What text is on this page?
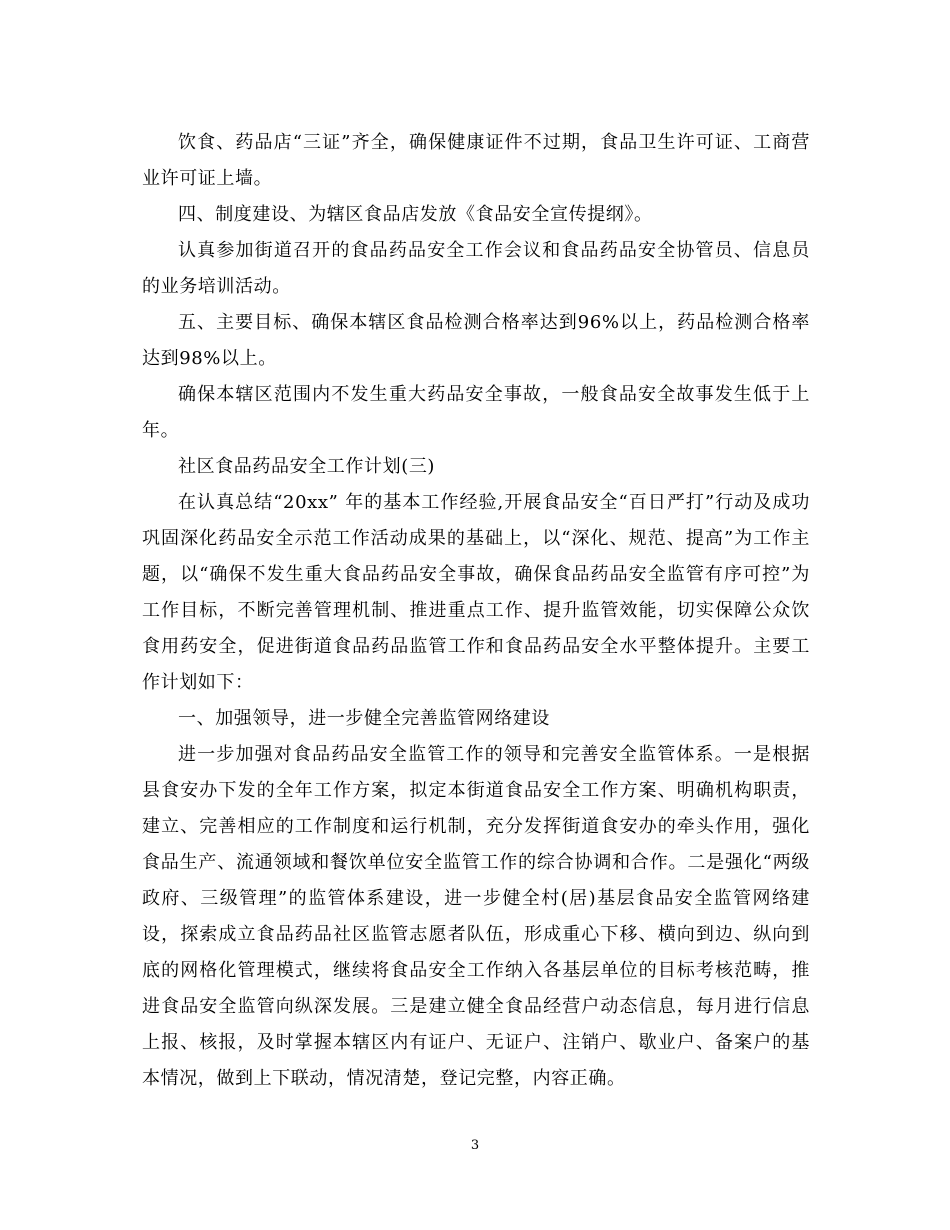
饮食、药品店“三证”齐全，确保健康证件不过期，食品卫生许可证、工商营业许可证上墙。

四、制度建设、为辖区食品店发放《食品安全宣传提纲》。

认真参加街道召开的食品药品安全工作会议和食品药品安全协管员、信息员的业务培训活动。

五、主要目标、确保本辖区食品检测合格率达到96%以上，药品检测合格率达到98%以上。

确保本辖区范围内不发生重大药品安全事故，一般食品安全故事发生低于上年。

社区食品药品安全工作计划(三)

在认真总结“20xx” 年的基本工作经验,开展食品安全“百日严打”行动及成功巩固深化药品安全示范工作活动成果的基础上，以“深化、规范、提高”为工作主题，以“确保不发生重大食品药品安全事故，确保食品药品安全监管有序可控”为工作目标，不断完善管理机制、推进重点工作、提升监管效能，切实保障公众饮食用药安全，促进街道食品药品监管工作和食品药品安全水平整体提升。主要工作计划如下：

一、加强领导，进一步健全完善监管网络建设

进一步加强对食品药品安全监管工作的领导和完善安全监管体系。一是根据县食安办下发的全年工作方案，拟定本街道食品安全工作方案、明确机构职责，建立、完善相应的工作制度和运行机制，充分发挥街道食安办的牵头作用，强化食品生产、流通领域和餐饮单位安全监管工作的综合协调和合作。二是强化“两级政府、三级管理”的监管体系建设，进一步健全村(居)基层食品安全监管网络建设，探索成立食品药品社区监管志愿者队伍，形成重心下移、横向到边、纵向到底的网格化管理模式，继续将食品安全工作纳入各基层单位的目标考核范畴，推进食品安全监管向纵深发展。三是建立健全食品经营户动态信息，每月进行信息上报、核报，及时掌握本辖区内有证户、无证户、注销户、歇业户、备案户的基本情况，做到上下联动，情况清楚，登记完整，内容正确。

3
